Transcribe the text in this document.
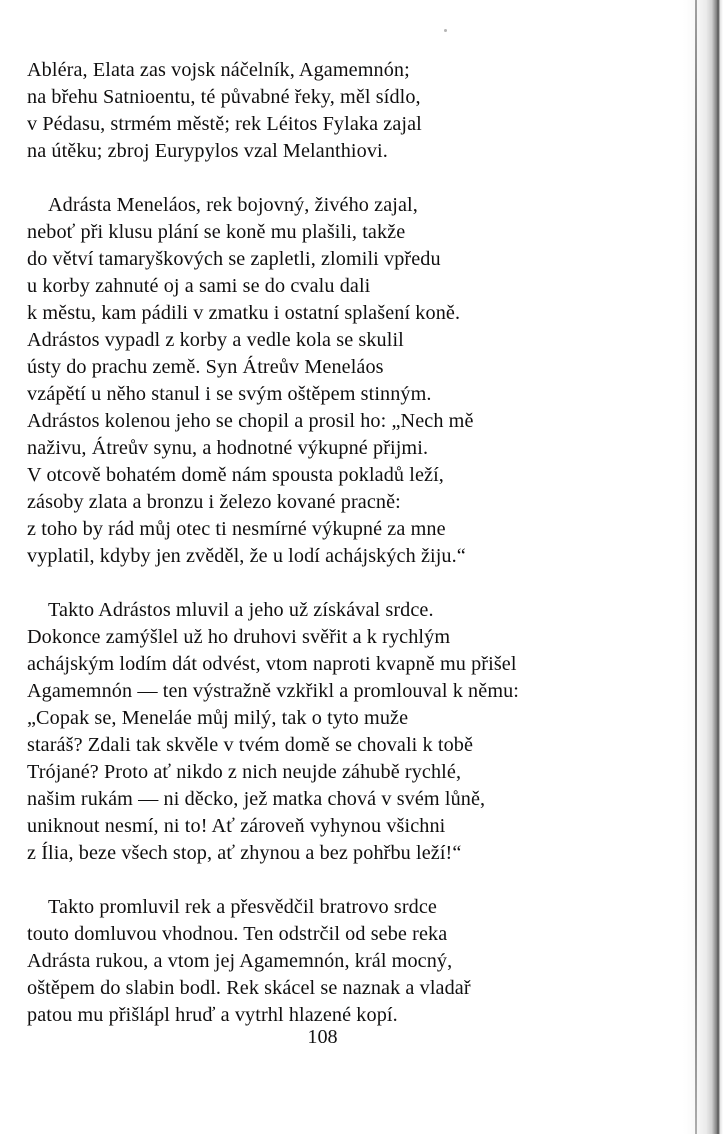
Abléra, Elata zas vojsk náčelník, Agamemnón;
na břehu Satnioentu, té půvabné řeky, měl sídlo,
v Pédasu, strmém městě; rek Léitos Fylaka zajal
na útěku; zbroj Eurypylos vzal Melanthiovi.
Adrásta Meneláos, rek bojovný, živého zajal,
neboť při klusu plání se koně mu plašili, takže
do větví tamaryškových se zapletli, zlomili vpředu
u korby zahnuté oj a sami se do cvalu dali
k městu, kam pádili v zmatku i ostatní splašení koně.
Adrástos vypadl z korby a vedle kola se skulil
ústy do prachu země. Syn Átreův Meneláos
vzápětí u něho stanul i se svým oštěpem stinným.
Adrástos kolenou jeho se chopil a prosil ho: „Nech mě
naživu, Átreův synu, a hodnotné výkupné přijmi.
V otcově bohatém domě nám spousta pokladů leží,
zásoby zlata a bronzu i železo kované pracně:
z toho by rád můj otec ti nesmírné výkupné za mne
vyplatil, kdyby jen zvěděl, že u lodí achájských žiju.“
Takto Adrástos mluvil a jeho už získával srdce.
Dokonce zamýšlel už ho druhovi svěřit a k rychlým
achájským lodím dát odvést, vtom naproti kvapně mu přišel
Agamemnón — ten výstražně vzkřikl a promlouval k němu:
„Copak se, Meneláe můj milý, tak o tyto muže
staráš? Zdali tak skvěle v tvém domě se chovali k tobě
Trójané? Proto ať nikdo z nich neujde záhubě rychlé,
našim rukám — ni děcko, jež matka chová v svém lůně,
uniknout nesmí, ni to! Ať zároveň vyhynou všichni
z Ília, beze všech stop, ať zhynou a bez pohřbu leží!“
Takto promluvil rek a přesvědčil bratrovo srdce
touto domluvou vhodnou. Ten odstrčil od sebe reka
Adrásta rukou, a vtom jej Agamemnón, král mocný,
oštěpem do slabin bodl. Rek skácel se naznak a vladař
patou mu přišlápl hruď a vytrhl hlazené kopí.
108
